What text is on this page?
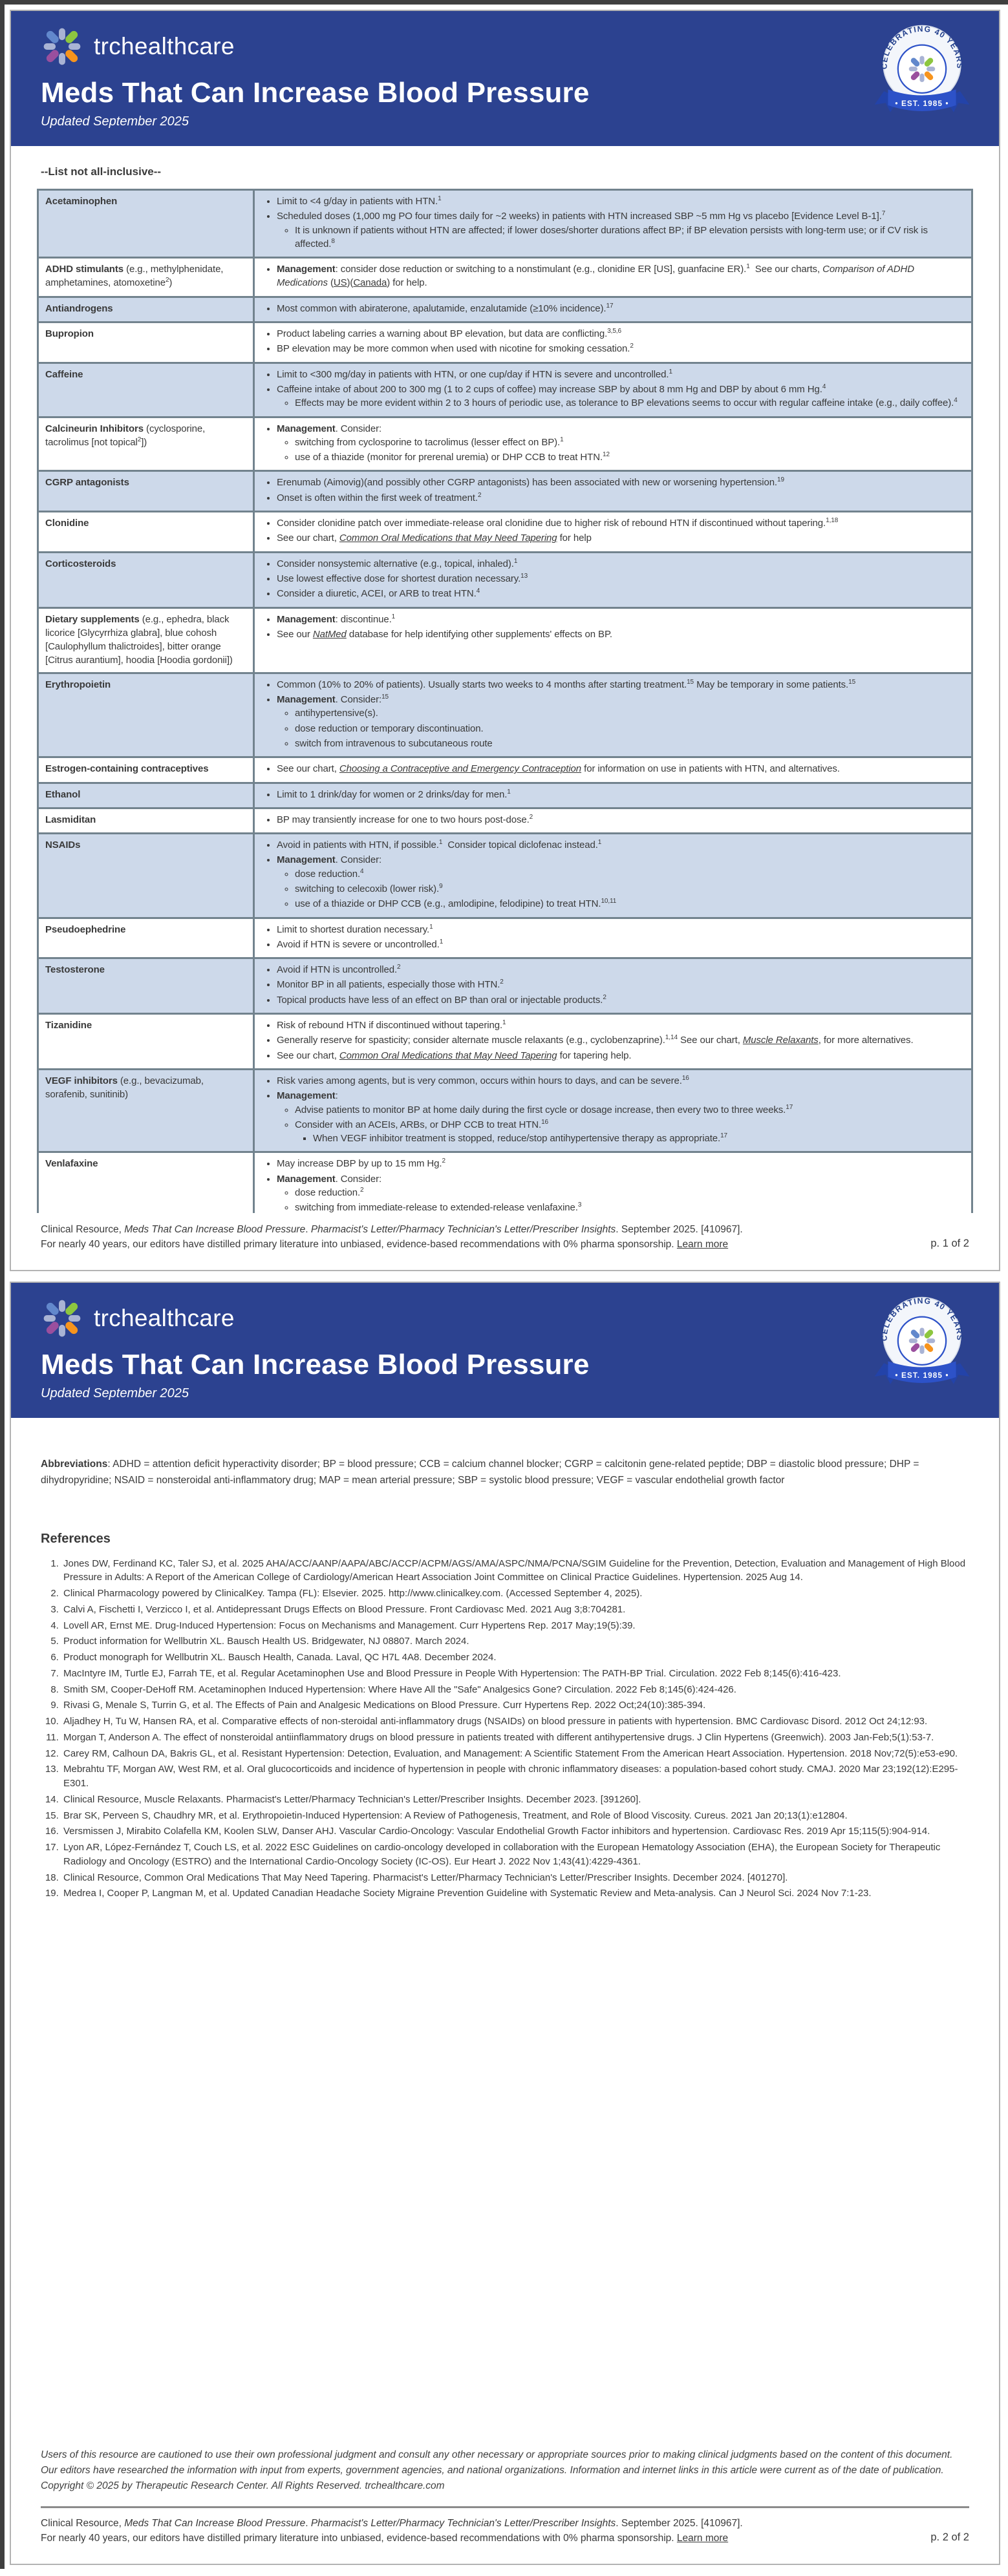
trchealthcare
Meds That Can Increase Blood Pressure
Updated September 2025
--List not all-inclusive--
Acetaminophen	
•Limit to <4 g/day in patients with HTN.$^1$
• Scheduled doses (1,000 mg PO four times daily for ~2 weeks) in patients with HTN increased SBP ~5 mm Hg vs placebo [Evidence Level B-1].$^7$
◦ It is unknown if patients without HTN are affected; if lower doses/shorter durations affect BP; if BP elevation persists with long-term use; or if CV risk is affected.$^8$

ADHD stimulants (e.g., methylphenidate, amphetamines, atomoxetine$^2$)	
• Management: consider dose reduction or switching to a nonstimulant (e.g., clonidine ER [US], guanfacine ER).$^1$  See our charts, Comparison of ADHD Medications (US)(Canada) for help.

Antiandrogens	
•Most common with abiraterone, apalutamide, enzalutamide (≥10% incidence).$^{17}$

Bupropion	
•Product labeling carries a warning about BP elevation, but data are conflicting.$^{3,5,6}$
• BP elevation may be more common when used with nicotine for smoking cessation.$^2$

Caffeine	
•Limit to <300 mg/day in patients with HTN, or one cup/day if HTN is severe and uncontrolled.$^1$
• Caffeine intake of about 200 to 300 mg (1 to 2 cups of coffee) may increase SBP by about 8 mm Hg and DBP by about 6 mm Hg.$^4$
◦ Effects may be more evident within 2 to 3 hours of periodic use, as tolerance to BP elevations seems to occur with regular caffeine intake (e.g., daily coffee).$^4$

Calcineurin Inhibitors (cyclosporine, tacrolimus [not topical$^2$])	
• Management. Consider:
◦ switching from cyclosporine to tacrolimus (lesser effect on BP).$^1$
◦ use of a thiazide (monitor for prerenal uremia) or DHP CCB to treat HTN.$^{12}$

CGRP antagonists	
•Erenumab (Aimovig)(and possibly other CGRP antagonists) has been associated with new or worsening hypertension.$^{19}$
• Onset is often within the first week of treatment.$^2$

Clonidine	
•Consider clonidine patch over immediate-release oral clonidine due to higher risk of rebound HTN if discontinued without tapering.$^{1,18}$
• See our chart, Common Oral Medications that May Need Tapering for help

Corticosteroids	
•Consider nonsystemic alternative (e.g., topical, inhaled).$^1$
• Use lowest effective dose for shortest duration necessary.$^{13}$
• Consider a diuretic, ACEI, or ARB to treat HTN.$^4$

Dietary supplements (e.g., ephedra, black licorice [Glycyrrhiza glabra], blue cohosh [Caulophyllum thalictroides], bitter orange [Citrus aurantium], hoodia [Hoodia gordonii])	
• Management: discontinue.$^1$
• See our NatMed database for help identifying other supplements' effects on BP.

Erythropoietin	
•Common (10% to 20% of patients). Usually starts two weeks to 4 months after starting treatment.$^{15}$ May be temporary in some patients.$^{15}$
• Management. Consider:$^{15}$
◦ antihypertensive(s).
◦ dose reduction or temporary discontinuation.
◦ switch from intravenous to subcutaneous route

Estrogen-containing contraceptives	
•See our chart, Choosing a Contraceptive and Emergency Contraception for information on use in patients with HTN, and alternatives.

Ethanol	
•Limit to 1 drink/day for women or 2 drinks/day for men.$^1$

Lasmiditan	
•BP may transiently increase for one to two hours post-dose.$^2$

NSAIDs	
•Avoid in patients with HTN, if possible.$^1$  Consider topical diclofenac instead.$^1$
• Management. Consider:
◦ dose reduction.$^4$
◦ switching to celecoxib (lower risk).$^9$
◦ use of a thiazide or DHP CCB (e.g., amlodipine, felodipine) to treat HTN.$^{10,11}$

Pseudoephedrine	
•Limit to shortest duration necessary.$^1$
• Avoid if HTN is severe or uncontrolled.$^1$

Testosterone	
•Avoid if HTN is uncontrolled.$^2$
• Monitor BP in all patients, especially those with HTN.$^2$
• Topical products have less of an effect on BP than oral or injectable products.$^2$

Tizanidine	
•Risk of rebound HTN if discontinued without tapering.$^1$
• Generally reserve for spasticity; consider alternate muscle relaxants (e.g., cyclobenzaprine).$^{1,14}$ See our chart, Muscle Relaxants, for more alternatives.
• See our chart, Common Oral Medications that May Need Tapering for tapering help.

VEGF inhibitors (e.g., bevacizumab, sorafenib, sunitinib)	
• Risk varies among agents, but is very common, occurs within hours to days, and can be severe.$^{16}$
• Management:
◦ Advise patients to monitor BP at home daily during the first cycle or dosage increase, then every two to three weeks.$^{17}$
◦ Consider with an ACEIs, ARBs, or DHP CCB to treat HTN.$^{16}$
▪ When VEGF inhibitor treatment is stopped, reduce/stop antihypertensive therapy as appropriate.$^{17}$

Venlafaxine	
•May increase DBP by up to 15 mm Hg.$^2$
• Management. Consider:
◦ dose reduction.$^2$
◦ switching from immediate-release to extended-release venlafaxine.$^3$

Clinical Resource, Meds That Can Increase Blood Pressure. Pharmacist's Letter/Pharmacy Technician's Letter/Prescriber Insights. September 2025. [410967].
For nearly 40 years, our editors have distilled primary literature into unbiased, evidence-based recommendations with 0% pharma sponsorship. Learn more	p. 1 of 2
trchealthcare
Meds That Can Increase Blood Pressure
Updated September 2025
Abbreviations: ADHD = attention deficit hyperactivity disorder; BP = blood pressure; CCB = calcium channel blocker; CGRP = calcitonin gene-related peptide; DBP = diastolic blood pressure; DHP = dihydropyridine; NSAID = nonsteroidal anti-inflammatory drug; MAP = mean arterial pressure; SBP = systolic blood pressure; VEGF = vascular endothelial growth factor
References
1. Jones DW, Ferdinand KC, Taler SJ, et al. 2025 AHA/ACC/AANP/AAPA/ABC/ACCP/ACPM/AGS/AMA/ASPC/NMA/PCNA/SGIM Guideline for the Prevention, Detection, Evaluation and Management of High Blood Pressure in Adults: A Report of the American College of Cardiology/American Heart Association Joint Committee on Clinical Practice Guidelines. Hypertension. 2025 Aug 14.
2. Clinical Pharmacology powered by ClinicalKey. Tampa (FL): Elsevier. 2025. http://www.clinicalkey.com. (Accessed September 4, 2025).
3. Calvi A, Fischetti I, Verzicco I, et al. Antidepressant Drugs Effects on Blood Pressure. Front Cardiovasc Med. 2021 Aug 3;8:704281.
4. Lovell AR, Ernst ME. Drug-Induced Hypertension: Focus on Mechanisms and Management. Curr Hypertens Rep. 2017 May;19(5):39.
5. Product information for Wellbutrin XL. Bausch Health US. Bridgewater, NJ 08807. March 2024.
6. Product monograph for Wellbutrin XL. Bausch Health, Canada. Laval, QC H7L 4A8. December 2024.
7. MacIntyre IM, Turtle EJ, Farrah TE, et al. Regular Acetaminophen Use and Blood Pressure in People With Hypertension: The PATH-BP Trial. Circulation. 2022 Feb 8;145(6):416-423.
8. Smith SM, Cooper-DeHoff RM. Acetaminophen Induced Hypertension: Where Have All the "Safe" Analgesics Gone? Circulation. 2022 Feb 8;145(6):424-426.
9. Rivasi G, Menale S, Turrin G, et al. The Effects of Pain and Analgesic Medications on Blood Pressure. Curr Hypertens Rep. 2022 Oct;24(10):385-394.
10. Aljadhey H, Tu W, Hansen RA, et al. Comparative effects of non-steroidal anti-inflammatory drugs (NSAIDs) on blood pressure in patients with hypertension. BMC Cardiovasc Disord. 2012 Oct 24;12:93.
11. Morgan T, Anderson A. The effect of nonsteroidal antiinflammatory drugs on blood pressure in patients treated with different antihypertensive drugs. J Clin Hypertens (Greenwich). 2003 Jan-Feb;5(1):53-7.
12. Carey RM, Calhoun DA, Bakris GL, et al. Resistant Hypertension: Detection, Evaluation, and Management: A Scientific Statement From the American Heart Association. Hypertension. 2018 Nov;72(5):e53-e90.
13. Mebrahtu TF, Morgan AW, West RM, et al. Oral glucocorticoids and incidence of hypertension in people with chronic inflammatory diseases: a population-based cohort study. CMAJ. 2020 Mar 23;192(12):E295-E301.
14. Clinical Resource, Muscle Relaxants. Pharmacist's Letter/Pharmacy Technician's Letter/Prescriber Insights. December 2023. [391260].
15. Brar SK, Perveen S, Chaudhry MR, et al. Erythropoietin-Induced Hypertension: A Review of Pathogenesis, Treatment, and Role of Blood Viscosity. Cureus. 2021 Jan 20;13(1):e12804.
16. Versmissen J, Mirabito Colafella KM, Koolen SLW, Danser AHJ. Vascular Cardio-Oncology: Vascular Endothelial Growth Factor inhibitors and hypertension. Cardiovasc Res. 2019 Apr 15;115(5):904-914.
17. Lyon AR, López-Fernández T, Couch LS, et al. 2022 ESC Guidelines on cardio-oncology developed in collaboration with the European Hematology Association (EHA), the European Society for Therapeutic Radiology and Oncology (ESTRO) and the International Cardio-Oncology Society (IC-OS). Eur Heart J. 2022 Nov 1;43(41):4229-4361.
18. Clinical Resource, Common Oral Medications That May Need Tapering. Pharmacist's Letter/Pharmacy Technician's Letter/Prescriber Insights. December 2024. [401270].
19. Medrea I, Cooper P, Langman M, et al. Updated Canadian Headache Society Migraine Prevention Guideline with Systematic Review and Meta-analysis. Can J Neurol Sci. 2024 Nov 7:1-23.
Users of this resource are cautioned to use their own professional judgment and consult any other necessary or appropriate sources prior to making clinical judgments based on the content of this document. Our editors have researched the information with input from experts, government agencies, and national organizations. Information and internet links in this article were current as of the date of publication. Copyright © 2025 by Therapeutic Research Center. All Rights Reserved. trchealthcare.com
Clinical Resource, Meds That Can Increase Blood Pressure. Pharmacist's Letter/Pharmacy Technician's Letter/Prescriber Insights. September 2025. [410967].
For nearly 40 years, our editors have distilled primary literature into unbiased, evidence-based recommendations with 0% pharma sponsorship. Learn more	p. 2 of 2
